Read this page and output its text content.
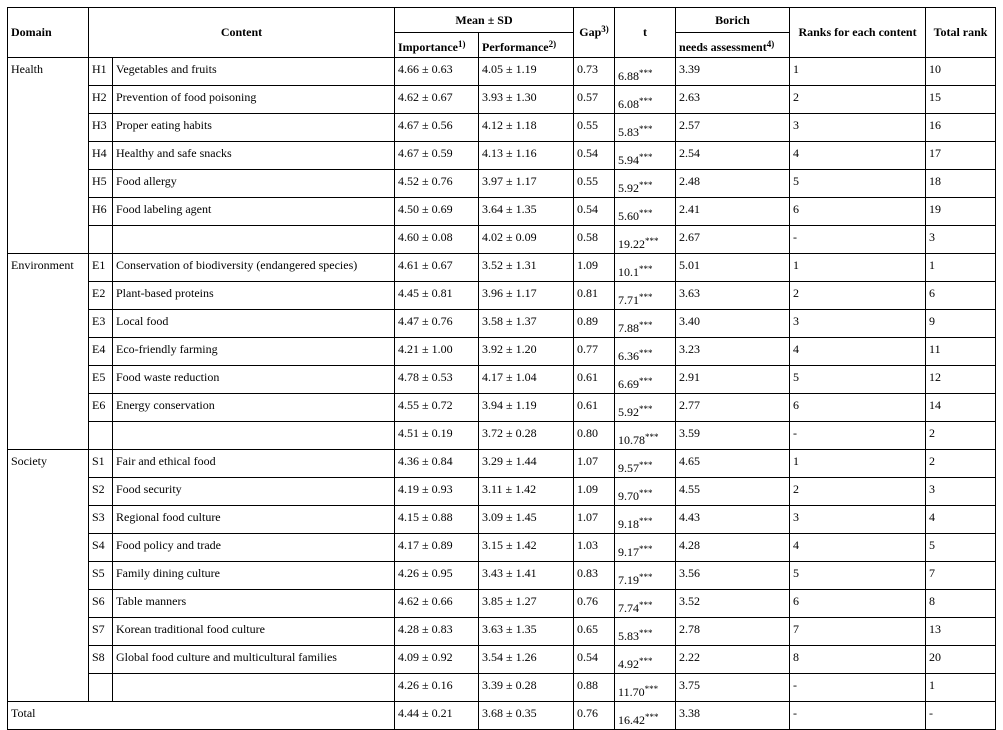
Domain	Content		Mean ± SD		Gap$^{3)}$	t	Borich	Ranks for each content	Total rank
			Importance$^{1)}$	Performance$^{2)}$			needs assessment$^{4)}$
Health	H1	Vegetables and fruits	4.66 ± 0.63	4.05 ± 1.19	0.73	6.88***	3.39	1	10
	H2	Prevention of food poisoning	4.62 ± 0.67	3.93 ± 1.30	0.57	6.08***	2.63	2	15
	H3	Proper eating habits	4.67 ± 0.56	4.12 ± 1.18	0.55	5.83***	2.57	3	16
	H4	Healthy and safe snacks	4.67 ± 0.59	4.13 ± 1.16	0.54	5.94***	2.54	4	17
	H5	Food allergy	4.52 ± 0.76	3.97 ± 1.17	0.55	5.92***	2.48	5	18
	H6	Food labeling agent	4.50 ± 0.69	3.64 ± 1.35	0.54	5.60***	2.41	6	19
			4.60 ± 0.08	4.02 ± 0.09	0.58	19.22***	2.67	-	3
Environment	E1	Conservation of biodiversity (endangered species)	4.61 ± 0.67	3.52 ± 1.31	1.09	10.1***	5.01	1	1
	E2	Plant-based proteins	4.45 ± 0.81	3.96 ± 1.17	0.81	7.71***	3.63	2	6
	E3	Local food	4.47 ± 0.76	3.58 ± 1.37	0.89	7.88***	3.40	3	9
	E4	Eco-friendly farming	4.21 ± 1.00	3.92 ± 1.20	0.77	6.36***	3.23	4	11
	E5	Food waste reduction	4.78 ± 0.53	4.17 ± 1.04	0.61	6.69***	2.91	5	12
	E6	Energy conservation	4.55 ± 0.72	3.94 ± 1.19	0.61	5.92***	2.77	6	14
			4.51 ± 0.19	3.72 ± 0.28	0.80	10.78***	3.59	-	2
Society	S1	Fair and ethical food	4.36 ± 0.84	3.29 ± 1.44	1.07	9.57***	4.65	1	2
	S2	Food security	4.19 ± 0.93	3.11 ± 1.42	1.09	9.70***	4.55	2	3
	S3	Regional food culture	4.15 ± 0.88	3.09 ± 1.45	1.07	9.18***	4.43	3	4
	S4	Food policy and trade	4.17 ± 0.89	3.15 ± 1.42	1.03	9.17***	4.28	4	5
	S5	Family dining culture	4.26 ± 0.95	3.43 ± 1.41	0.83	7.19***	3.56	5	7
	S6	Table manners	4.62 ± 0.66	3.85 ± 1.27	0.76	7.74***	3.52	6	8
	S7	Korean traditional food culture	4.28 ± 0.83	3.63 ± 1.35	0.65	5.83***	2.78	7	13
	S8	Global food culture and multicultural families	4.09 ± 0.92	3.54 ± 1.26	0.54	4.92***	2.22	8	20
			4.26 ± 0.16	3.39 ± 0.28	0.88	11.70***	3.75	-	1
Total			4.44 ± 0.21	3.68 ± 0.35	0.76	16.42***	3.38	-	-
